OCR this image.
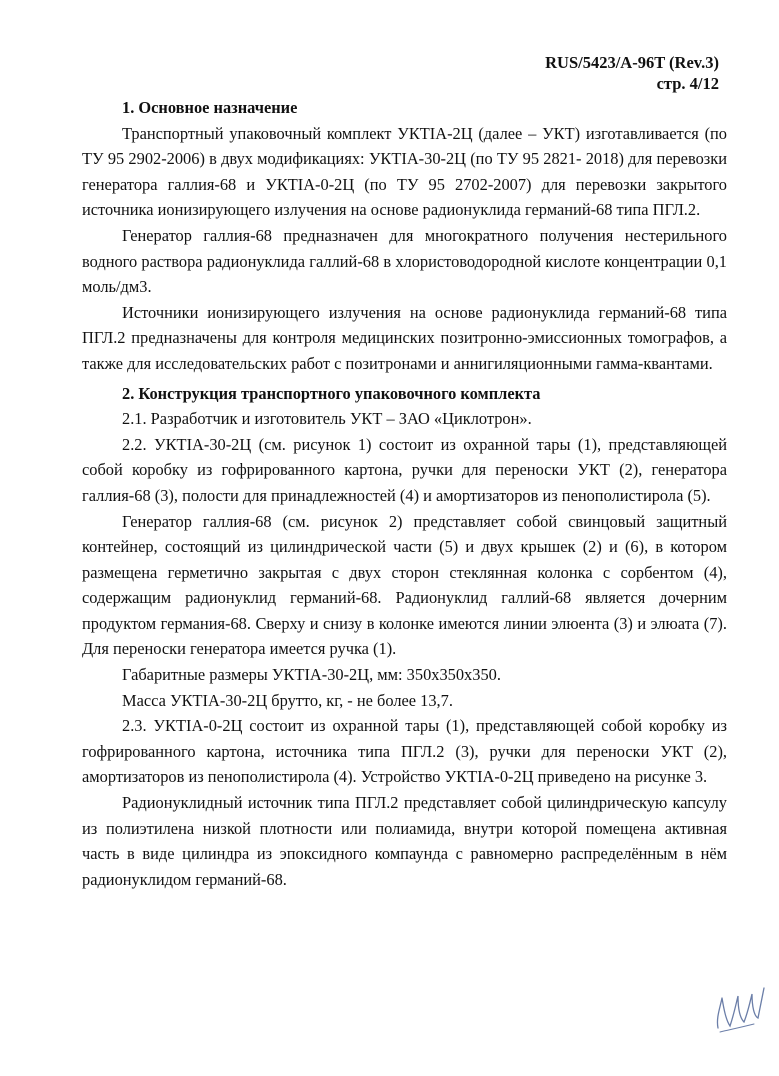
RUS/5423/A-96T (Rev.3)
стр. 4/12
1. Основное назначение

Транспортный упаковочный комплект УКТIA-2Ц (далее – УКТ) изготавливается (по ТУ 95 2902-2006) в двух модификациях: УКТIA-30-2Ц (по ТУ 95 2821- 2018) для перевозки генератора галлия-68 и УКТIA-0-2Ц (по ТУ 95 2702-2007) для перевозки закрытого источника ионизирующего излучения на основе радионуклида германий-68 типа ПГЛ.2.

Генератор галлия-68 предназначен для многократного получения нестерильного водного раствора радионуклида галлий-68 в хлористоводородной кислоте концентрации 0,1 моль/дм3.

Источники ионизирующего излучения на основе радионуклида германий-68 типа ПГЛ.2 предназначены для контроля медицинских позитронно-эмиссионных томографов, а также для исследовательских работ с позитронами и аннигиляционными гамма-квантами.

2. Конструкция транспортного упаковочного комплекта

2.1. Разработчик и изготовитель УКТ – ЗАО «Циклотрон».

2.2. УКТIA-30-2Ц (см. рисунок 1) состоит из охранной тары (1), представляющей собой коробку из гофрированного картона, ручки для переноски УКТ (2), генератора галлия-68 (3), полости для принадлежностей (4) и амортизаторов из пенополистирола (5).

Генератор галлия-68 (см. рисунок 2) представляет собой свинцовый защитный контейнер, состоящий из цилиндрической части (5) и двух крышек (2) и (6), в котором размещена герметично закрытая с двух сторон стеклянная колонка с сорбентом (4), содержащим радионуклид германий-68. Радионуклид галлий-68 является дочерним продуктом германия-68. Сверху и снизу в колонке имеются линии элюента (3) и элюата (7). Для переноски генератора имеется ручка (1).

Габаритные размеры УКТIA-30-2Ц, мм: 350x350x350.

Масса УКТIA-30-2Ц брутто, кг, - не более 13,7.

2.3. УКТIA-0-2Ц состоит из охранной тары (1), представляющей собой коробку из гофрированного картона, источника типа ПГЛ.2 (3), ручки для переноски УКТ (2), амортизаторов из пенополистирола (4). Устройство УКТIA-0-2Ц приведено на рисунке 3.

Радионуклидный источник типа ПГЛ.2 представляет собой цилиндрическую капсулу из полиэтилена низкой плотности или полиамида, внутри которой помещена активная часть в виде цилиндра из эпоксидного компаунда с равномерно распределённым в нём радионуклидом германий-68.
